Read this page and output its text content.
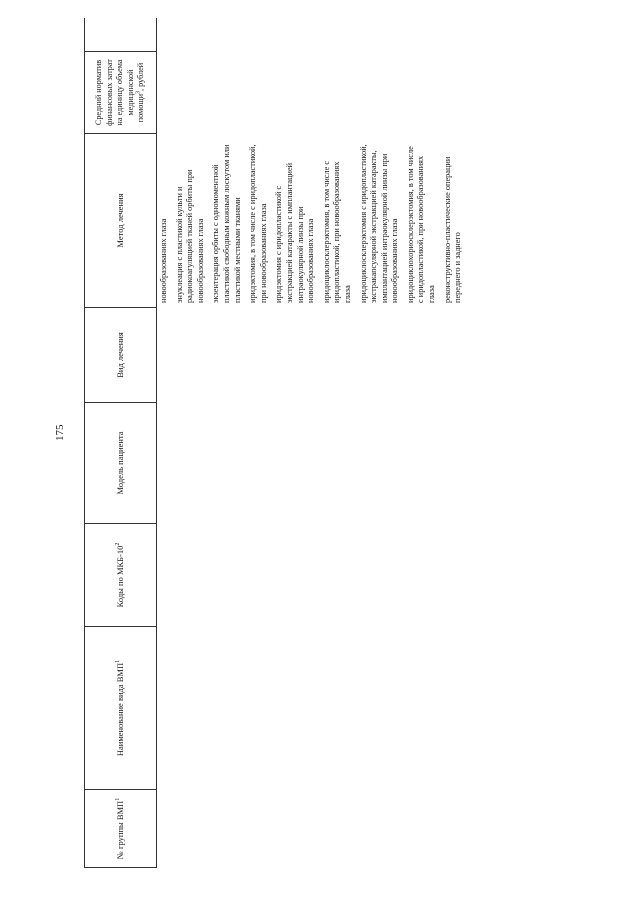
175
№ группы ВМП$^1$
Наименование вида ВМП$^1$
Коды по МКБ-$10^2$
Модель пациента
Вид лечения
Метод лечения
Средний норматив финансовых затрат на единицу объема медицинской помощи$^3$, рублей
новообразованиях глаза энуклеация с пластикой культи и радиокоагуляцией тканей орбиты при новообразованиях глаза экзентерация орбиты с одномоментной пластикой свободным кожным лоскутом или пластикой местными тканями иридэктомия, в том числе с иридопластикой, при новообразованиях глаза иридэктомия с иридопластикой с экстракцией катаракты с имплантацией интраокулярной линзы при новообразованиях глаза иридоциклосклерэктомия, в том числе с иридопластикой, при новообразованиях глаза иридоциклосклерэктомия с иридопластикой, экстракапсулярной экстракцией катаракты, имплантацией интраокулярной линзы при новообразованиях глаза иридоциклохориосклерэктомия, в том числе с иридопластикой, при новообразованиях глаза реконструктивно-пластические операции переднего и заднего
